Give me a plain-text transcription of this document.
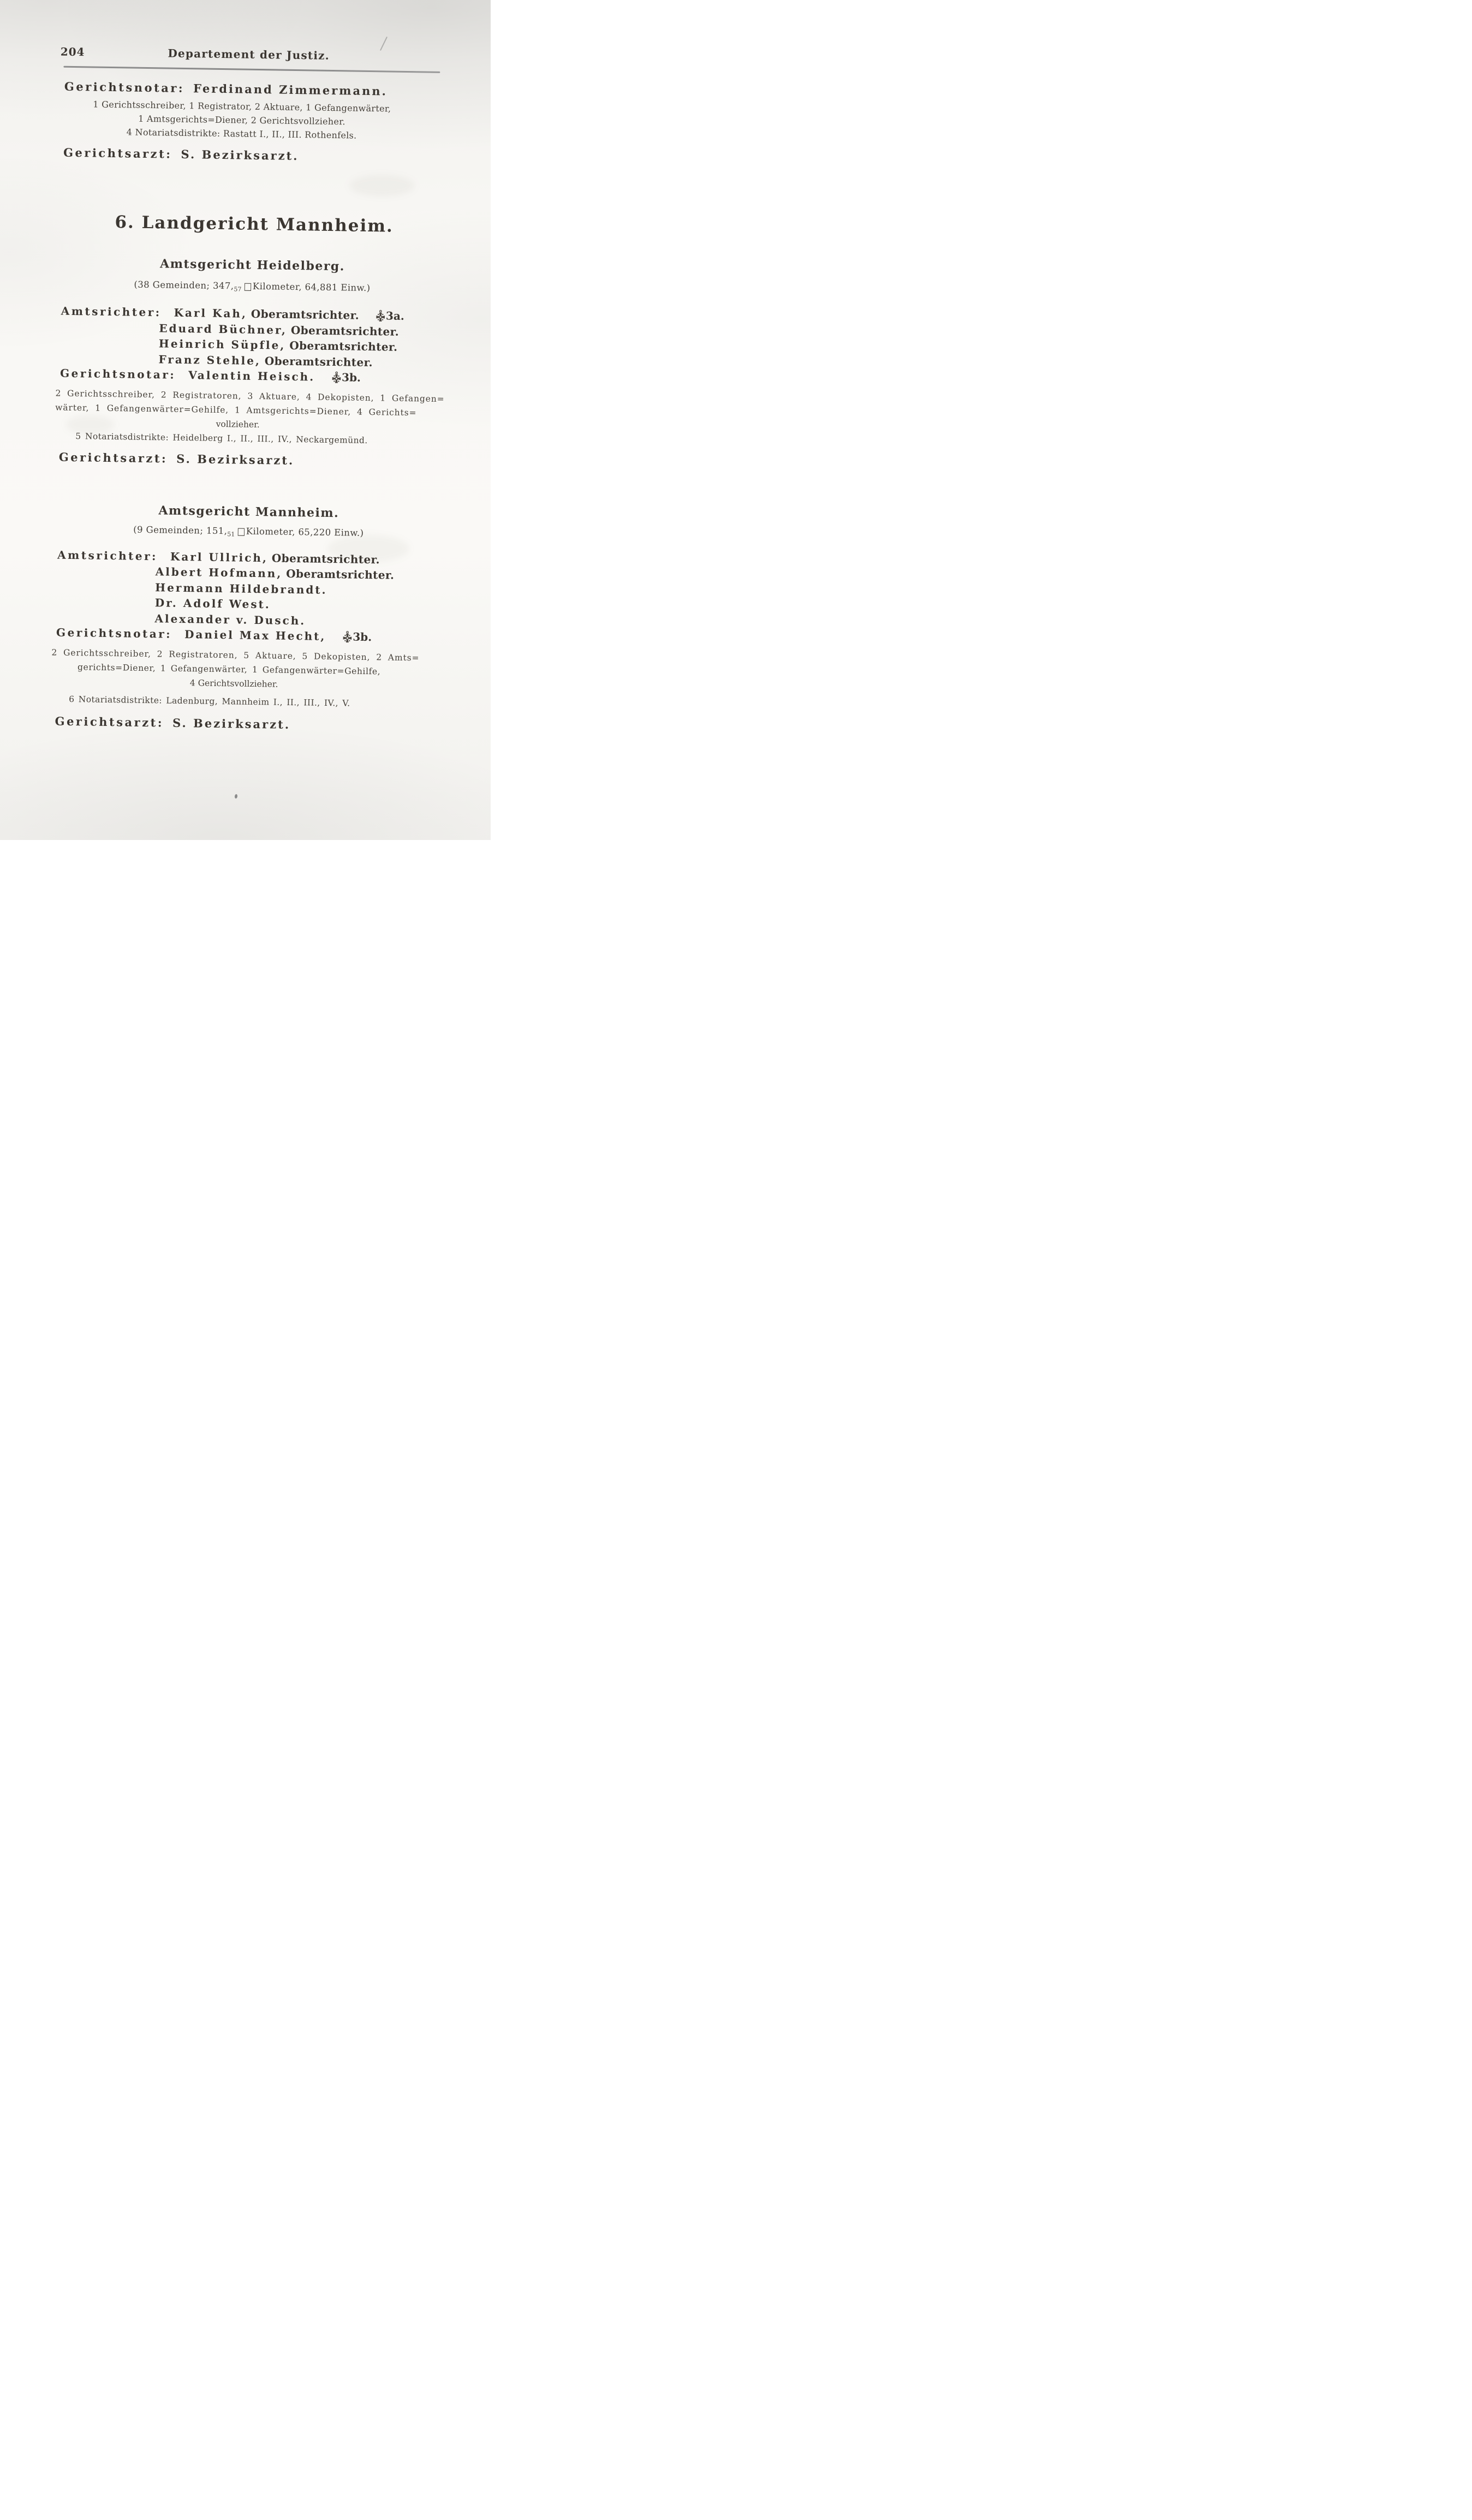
204	Departement der Justiz.
Gerichtsnotar: Ferdinand Zimmermann.
1 Gerichtsschreiber, 1 Registrator, 2 Aktuare, 1 Gefangenwärter,
1 Amtsgerichts=Diener, 2 Gerichtsvollzieher.
4 Notariatsdistrikte: Rastatt I., II., III. Rothenfels.
Gerichtsarzt: S. Bezirksarzt.
6. Landgericht Mannheim.
Amtsgericht Heidelberg.
(38 Gemeinden; $347,_{57}$ □Kilometer, 64,881 Einw.)
Amtsrichter: Karl Kah, Oberamtsrichter. 3a.
Eduard Büchner, Oberamtsrichter.
Heinrich Süpfle, Oberamtsrichter.
Franz Stehle, Oberamtsrichter.
Gerichtsnotar: Valentin Heisch. 3b.
2 Gerichtsschreiber, 2 Registratoren, 3 Aktuare, 4 Dekopisten, 1 Gefangen=
wärter, 1 Gefangenwärter=Gehilfe, 1 Amtsgerichts=Diener, 4 Gerichts=
vollzieher.
5 Notariatsdistrikte: Heidelberg I., II., III., IV., Neckargemünd.
Gerichtsarzt: S. Bezirksarzt.
Amtsgericht Mannheim.
(9 Gemeinden; $151,_{51}$ □Kilometer, 65,220 Einw.)
Amtsrichter: Karl Ullrich, Oberamtsrichter.
Albert Hofmann, Oberamtsrichter.
Hermann Hildebrandt.
Dr. Adolf West.
Alexander v. Dusch.
Gerichtsnotar: Daniel Max Hecht, 3b.
2 Gerichtsschreiber, 2 Registratoren, 5 Aktuare, 5 Dekopisten, 2 Amts=
gerichts=Diener, 1 Gefangenwärter, 1 Gefangenwärter=Gehilfe,
4 Gerichtsvollzieher.
6 Notariatsdistrikte: Ladenburg, Mannheim I., II., III., IV., V.
Gerichtsarzt: S. Bezirksarzt.
